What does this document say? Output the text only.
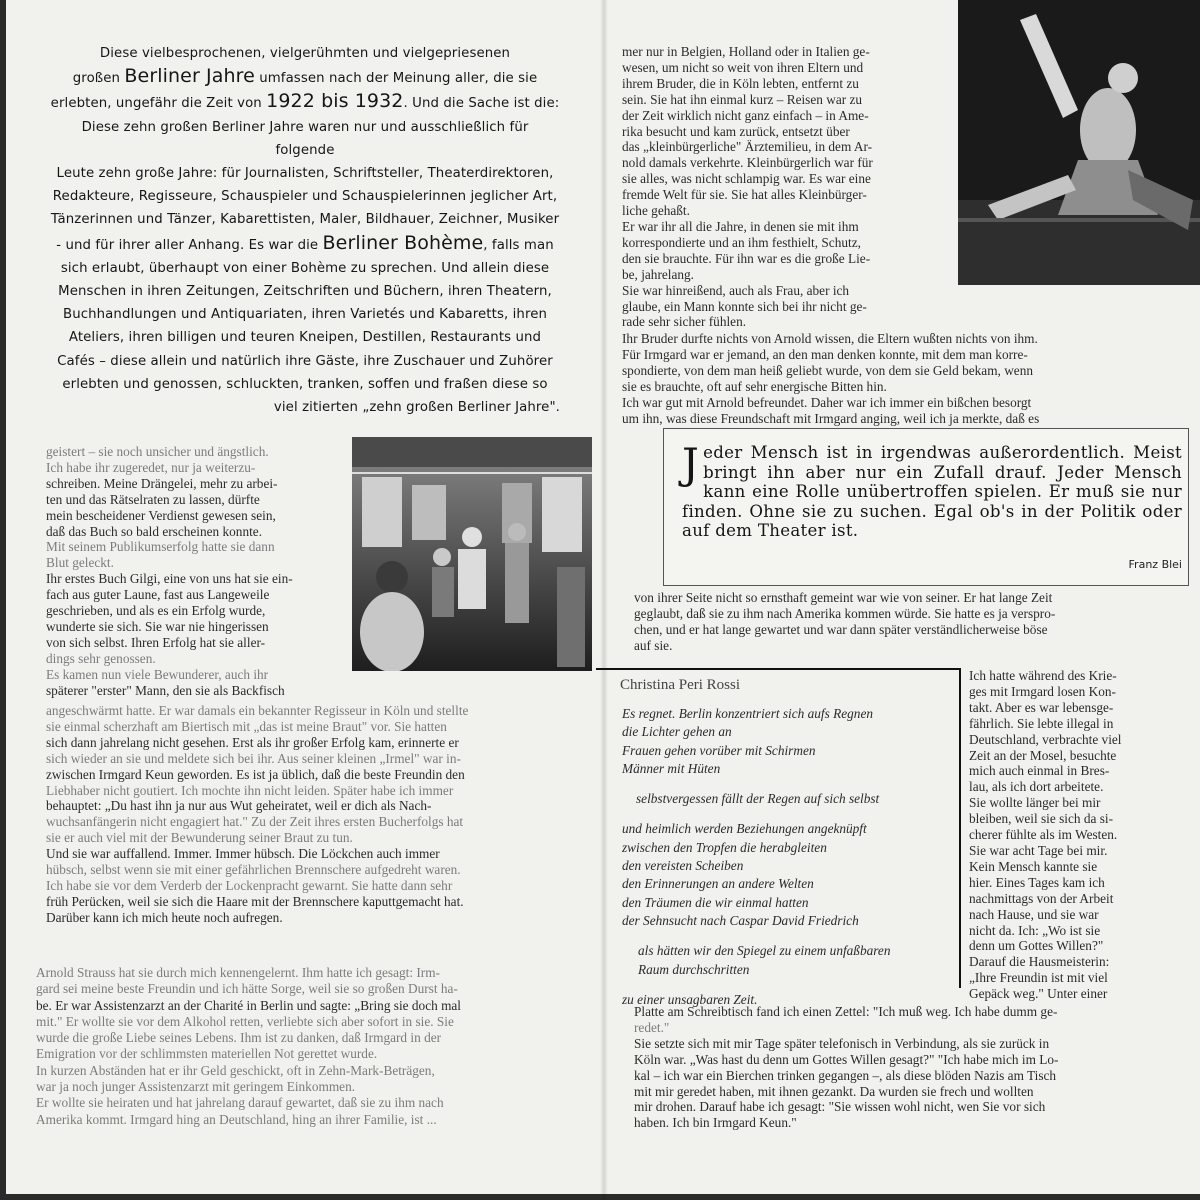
Diese vielbesprochenen, vielgerühmten und vielgepriesenen
großen Berliner Jahre umfassen nach der Meinung aller, die sie
erlebten, ungefähr die Zeit von 1922 bis 1932. Und die Sache ist die:
Diese zehn großen Berliner Jahre waren nur und ausschließlich für folgende
Leute zehn große Jahre: für Journalisten, Schriftsteller, Theaterdirektoren,
Redakteure, Regisseure, Schauspieler und Schauspielerinnen jeglicher Art,
Tänzerinnen und Tänzer, Kabarettisten, Maler, Bildhauer, Zeichner, Musiker
- und für ihrer aller Anhang. Es war die Berliner Bohème, falls man
sich erlaubt, überhaupt von einer Bohème zu sprechen. Und allein diese
Menschen in ihren Zeitungen, Zeitschriften und Büchern, ihren Theatern,
Buchhandlungen und Antiquariaten, ihren Varietés und Kabaretts, ihren
Ateliers, ihren billigen und teuren Kneipen, Destillen, Restaurants und
Cafés – diese allein und natürlich ihre Gäste, ihre Zuschauer und Zuhörer
erlebten und genossen, schluckten, tranken, soffen und fraßen diese so
viel zitierten „zehn großen Berliner Jahre".

geistert – sie noch unsicher und ängstlich.

Ich habe ihr zugeredet, nur ja weiterzu-

schreiben. Meine Drängelei, mehr zu arbei-

ten und das Rätselraten zu lassen, dürfte

mein bescheidener Verdienst gewesen sein,

daß das Buch so bald erscheinen konnte.

Mit seinem Publikumserfolg hatte sie dann

Blut geleckt.

Ihr erstes Buch Gilgi, eine von uns hat sie ein-

fach aus guter Laune, fast aus Langeweile

geschrieben, und als es ein Erfolg wurde,

wunderte sie sich. Sie war nie hingerissen

von sich selbst. Ihren Erfolg hat sie aller-

dings sehr genossen.

Es kamen nun viele Bewunderer, auch ihr

späterer "erster" Mann, den sie als Backfisch

angeschwärmt hatte. Er war damals ein bekannter Regisseur in Köln und stellte

sie einmal scherzhaft am Biertisch mit „das ist meine Braut" vor. Sie hatten

sich dann jahrelang nicht gesehen. Erst als ihr großer Erfolg kam, erinnerte er

sich wieder an sie und meldete sich bei ihr. Aus seiner kleinen „Irmel" war in-

zwischen Irmgard Keun geworden. Es ist ja üblich, daß die beste Freundin den

Liebhaber nicht goutiert. Ich mochte ihn nicht leiden. Später habe ich immer

behauptet: „Du hast ihn ja nur aus Wut geheiratet, weil er dich als Nach-

wuchsanfängerin nicht engagiert hat." Zu der Zeit ihres ersten Bucherfolgs hat

sie er auch viel mit der Bewunderung seiner Braut zu tun.

Und sie war auffallend. Immer. Immer hübsch. Die Löckchen auch immer

hübsch, selbst wenn sie mit einer gefährlichen Brennschere aufgedreht waren.

Ich habe sie vor dem Verderb der Lockenpracht gewarnt. Sie hatte dann sehr

früh Perücken, weil sie sich die Haare mit der Brennschere kaputtgemacht hat.

Darüber kann ich mich heute noch aufregen.

Arnold Strauss hat sie durch mich kennengelernt. Ihm hatte ich gesagt: Irm-

gard sei meine beste Freundin und ich hätte Sorge, weil sie so großen Durst ha-

be. Er war Assistenzarzt an der Charité in Berlin und sagte: „Bring sie doch mal

mit." Er wollte sie vor dem Alkohol retten, verliebte sich aber sofort in sie. Sie

wurde die große Liebe seines Lebens. Ihm ist zu danken, daß Irmgard in der

Emigration vor der schlimmsten materiellen Not gerettet wurde.

In kurzen Abständen hat er ihr Geld geschickt, oft in Zehn-Mark-Beträgen,

war ja noch junger Assistenzarzt mit geringem Einkommen.

Er wollte sie heiraten und hat jahrelang darauf gewartet, daß sie zu ihm nach

Amerika kommt. Irmgard hing an Deutschland, hing an ihrer Familie, ist ...

mer nur in Belgien, Holland oder in Italien ge-

wesen, um nicht so weit von ihren Eltern und

ihrem Bruder, die in Köln lebten, entfernt zu

sein. Sie hat ihn einmal kurz – Reisen war zu

der Zeit wirklich nicht ganz einfach – in Ame-

rika besucht und kam zurück, entsetzt über

das „kleinbürgerliche" Ärztemilieu, in dem Ar-

nold damals verkehrte. Kleinbürgerlich war für

sie alles, was nicht schlampig war. Es war eine

fremde Welt für sie. Sie hat alles Kleinbürger-

liche gehaßt.

Er war ihr all die Jahre, in denen sie mit ihm

korrespondierte und an ihm festhielt, Schutz,

den sie brauchte. Für ihn war es die große Lie-

be, jahrelang.

Sie war hinreißend, auch als Frau, aber ich

glaube, ein Mann konnte sich bei ihr nicht ge-

rade sehr sicher fühlen.

Ihr Bruder durfte nichts von Arnold wissen, die Eltern wußten nichts von ihm.

Für Irmgard war er jemand, an den man denken konnte, mit dem man korre-

spondierte, von dem man heiß geliebt wurde, von dem sie Geld bekam, wenn

sie es brauchte, oft auf sehr energische Bitten hin.

Ich war gut mit Arnold befreundet. Daher war ich immer ein bißchen besorgt

um ihn, was diese Freundschaft mit Irmgard anging, weil ich ja merkte, daß es

Jeder Mensch ist in irgendwas außerordentlich. Meist bringt ihn aber nur ein Zufall drauf. Jeder Mensch kann eine Rolle unübertroffen spielen. Er muß sie nur finden. Ohne sie zu suchen. Egal ob's in der Politik oder auf dem Theater ist.
Franz Blei

von ihrer Seite nicht so ernsthaft gemeint war wie von seiner. Er hat lange Zeit

geglaubt, daß sie zu ihm nach Amerika kommen würde. Sie hatte es ja verspro-

chen, und er hat lange gewartet und war dann später verständlicherweise böse

auf sie.

Christina Peri Rossi
Es regnet. Berlin konzentriert sich aufs Regnen
die Lichter gehen an
Frauen gehen vorüber mit Schirmen
Männer mit Hüten
selbstvergessen fällt der Regen auf sich selbst
und heimlich werden Beziehungen angeknüpft
zwischen den Tropfen die herabgleiten
den vereisten Scheiben
den Erinnerungen an andere Welten
den Träumen die wir einmal hatten
der Sehnsucht nach Caspar David Friedrich
als hätten wir den Spiegel zu einem unfaßbaren
Raum durchschritten
zu einer unsagbaren Zeit.

Ich hatte während des Krie-

ges mit Irmgard losen Kon-

takt. Aber es war lebensge-

fährlich. Sie lebte illegal in

Deutschland, verbrachte viel

Zeit an der Mosel, besuchte

mich auch einmal in Bres-

lau, als ich dort arbeitete.

Sie wollte länger bei mir

bleiben, weil sie sich da si-

cherer fühlte als im Westen.

Sie war acht Tage bei mir.

Kein Mensch kannte sie

hier. Eines Tages kam ich

nachmittags von der Arbeit

nach Hause, und sie war

nicht da. Ich: „Wo ist sie

denn um Gottes Willen?"

Darauf die Hausmeisterin:

„Ihre Freundin ist mit viel

Gepäck weg." Unter einer

Platte am Schreibtisch fand ich einen Zettel: "Ich muß weg. Ich habe dumm ge-

redet."

Sie setzte sich mit mir Tage später telefonisch in Verbindung, als sie zurück in

Köln war. „Was hast du denn um Gottes Willen gesagt?" "Ich habe mich im Lo-

kal – ich war ein Bierchen trinken gegangen –, als diese blöden Nazis am Tisch

mit mir geredet haben, mit ihnen gezankt. Da wurden sie frech und wollten

mir drohen. Darauf habe ich gesagt: "Sie wissen wohl nicht, wen Sie vor sich

haben. Ich bin Irmgard Keun."
